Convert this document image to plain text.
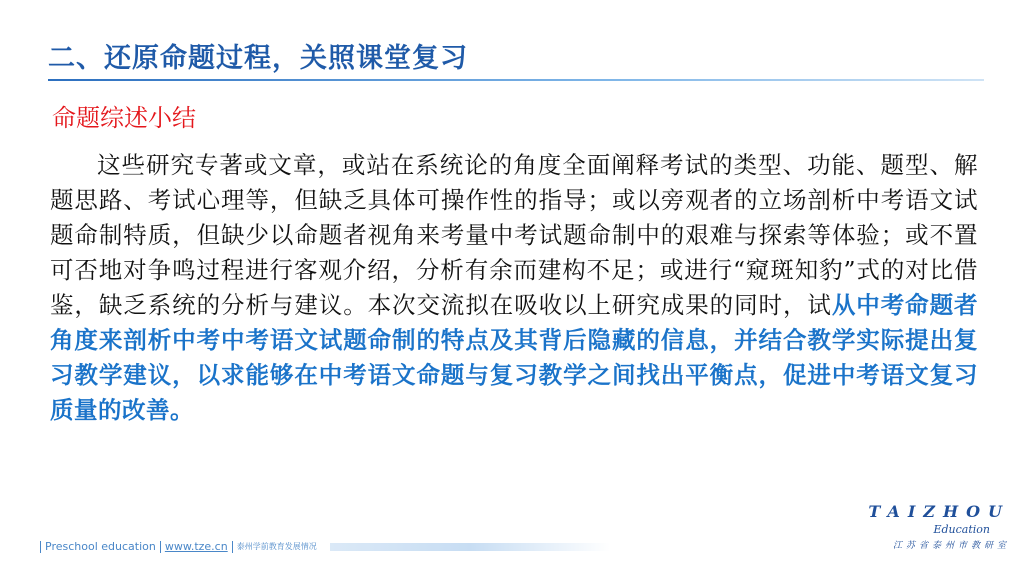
二、还原命题过程，关照课堂复习
命题综述小结
这些研究专著或文章，或站在系统论的角度全面阐释考试的类型、功能、题型、解题思路、考试心理等，但缺乏具体可操作性的指导；或以旁观者的立场剖析中考语文试题命制特质，但缺少以命题者视角来考量中考试题命制中的艰难与探索等体验；或不置可否地对争鸣过程进行客观介绍，分析有余而建构不足；或进行“窥斑知豹”式的对比借鉴，缺乏系统的分析与建议。本次交流拟在吸收以上研究成果的同时，试从中考命题者角度来剖析中考中考语文试题命制的特点及其背后隐藏的信息，并结合教学实际提出复习教学建议，以求能够在中考语文命题与复习教学之间找出平衡点，促进中考语文复习质量的改善。
Preschool education www.tze.cn 泰州学前教育发展情况
TAIZHOU
Education
江苏省泰州市教研室
